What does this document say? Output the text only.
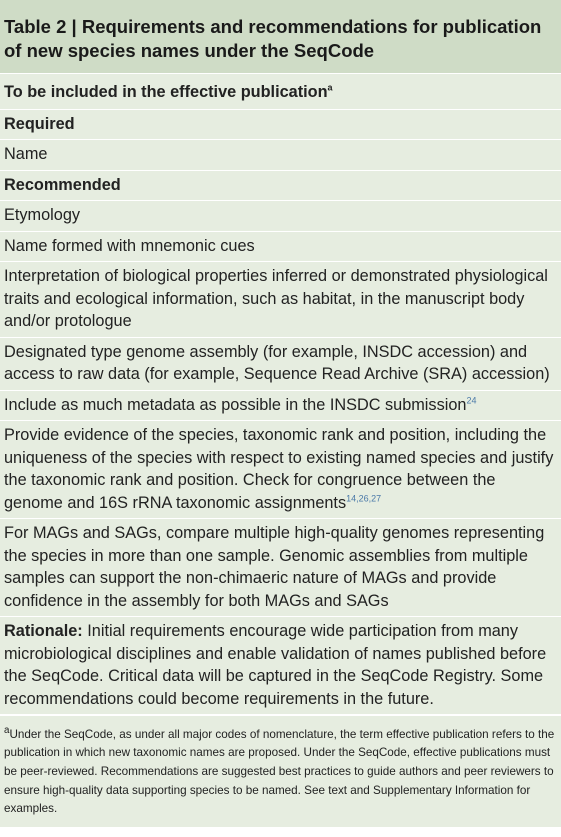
Table 2 | Requirements and recommendations for publication of new species names under the SeqCode
To be included in the effective publication$^a$
Required
Name
Recommended
Etymology
Name formed with mnemonic cues
Interpretation of biological properties inferred or demonstrated physiological traits and ecological information, such as habitat, in the manuscript body and/or protologue
Designated type genome assembly (for example, INSDC accession) and access to raw data (for example, Sequence Read Archive (SRA) accession)
Include as much metadata as possible in the INSDC submission$^{24}$
Provide evidence of the species, taxonomic rank and position, including the uniqueness of the species with respect to existing named species and justify the taxonomic rank and position. Check for congruence between the genome and 16S rRNA taxonomic assignments$^{14,26,27}$
For MAGs and SAGs, compare multiple high-quality genomes representing the species in more than one sample. Genomic assemblies from multiple samples can support the non-chimaeric nature of MAGs and provide confidence in the assembly for both MAGs and SAGs
Rationale: Initial requirements encourage wide participation from many microbiological disciplines and enable validation of names published before the SeqCode. Critical data will be captured in the SeqCode Registry. Some recommendations could become requirements in the future.
$^a$Under the SeqCode, as under all major codes of nomenclature, the term effective publication refers to the publication in which new taxonomic names are proposed. Under the SeqCode, effective publications must be peer-reviewed. Recommendations are suggested best practices to guide authors and peer reviewers to ensure high-quality data supporting species to be named. See text and Supplementary Information for examples.
